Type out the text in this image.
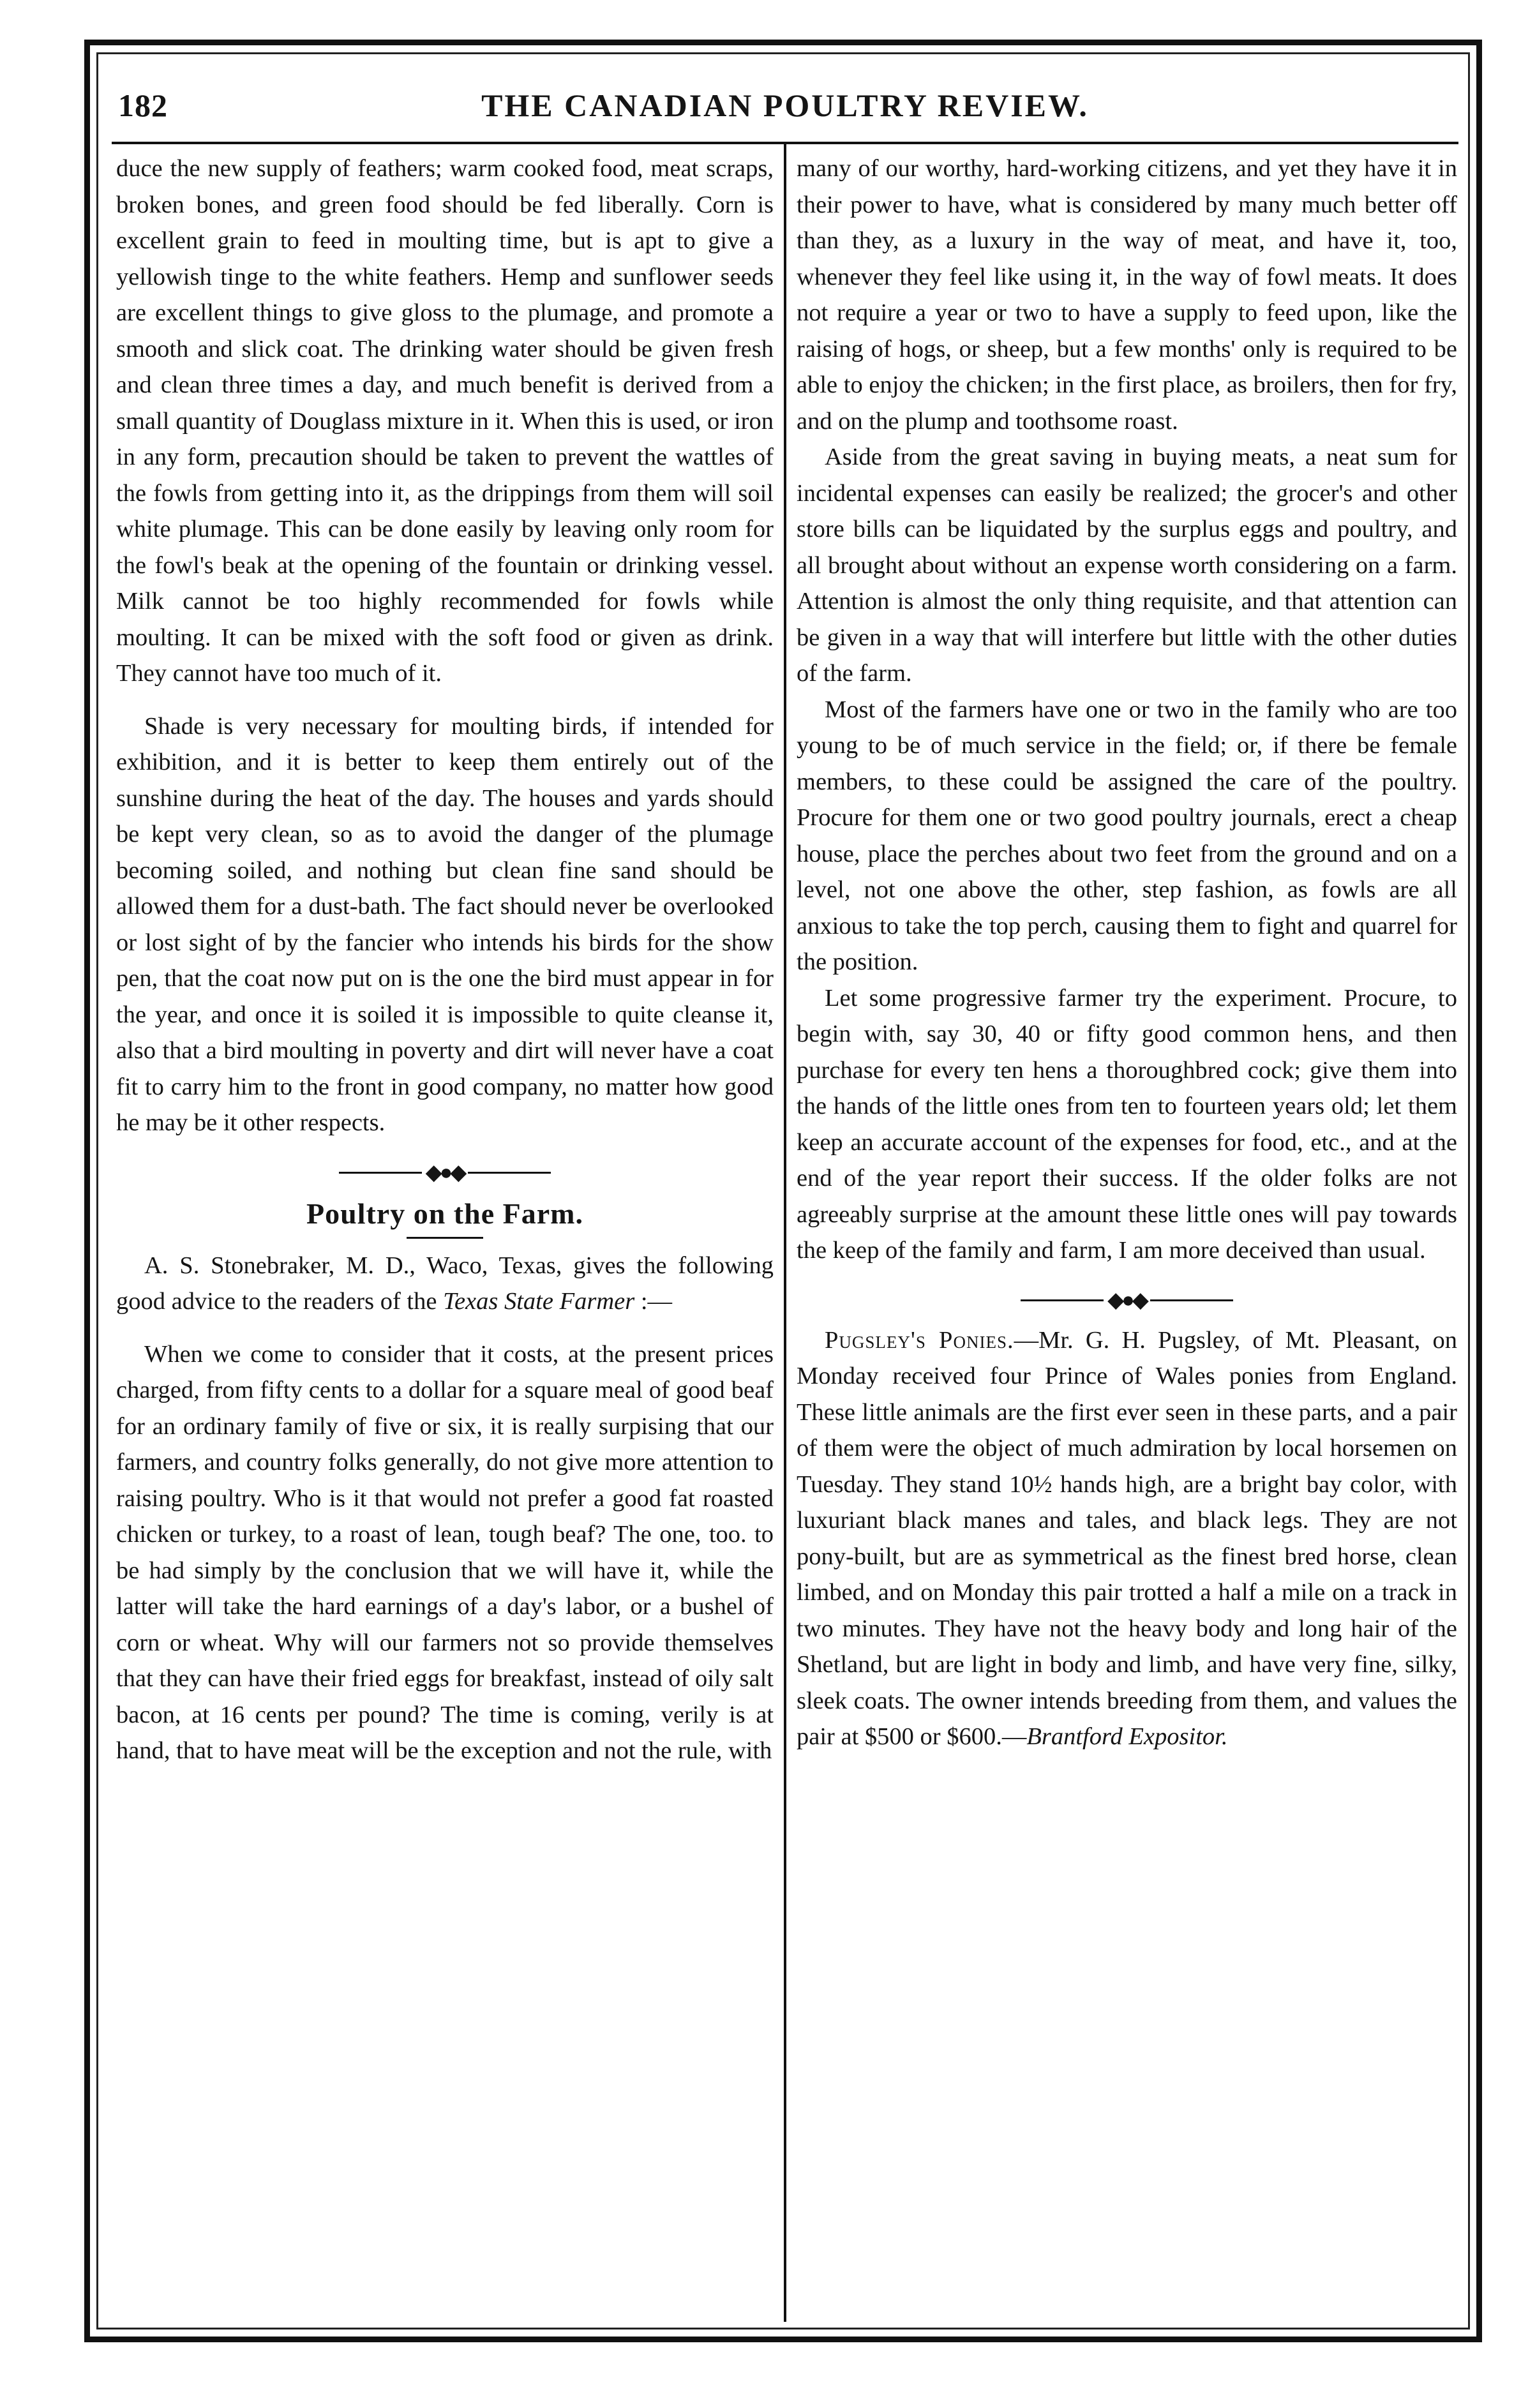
182	THE CANADIAN POULTRY REVIEW.

duce the new supply of feathers; warm cooked food, meat scraps, broken bones, and green food should be fed liberally. Corn is excellent grain to feed in moulting time, but is apt to give a yellowish tinge to the white feathers. Hemp and sunflower seeds are excellent things to give gloss to the plumage, and promote a smooth and slick coat. The drinking water should be given fresh and clean three times a day, and much benefit is derived from a small quantity of Douglass mixture in it. When this is used, or iron in any form, precaution should be taken to prevent the wattles of the fowls from getting into it, as the drippings from them will soil white plumage. This can be done easily by leaving only room for the fowl's beak at the opening of the fountain or drinking vessel. Milk cannot be too highly recommended for fowls while moulting. It can be mixed with the soft food or given as drink. They cannot have too much of it.

Shade is very necessary for moulting birds, if intended for exhibition, and it is better to keep them entirely out of the sunshine during the heat of the day. The houses and yards should be kept very clean, so as to avoid the danger of the plumage becoming soiled, and nothing but clean fine sand should be allowed them for a dust-bath. The fact should never be overlooked or lost sight of by the fancier who intends his birds for the show pen, that the coat now put on is the one the bird must appear in for the year, and once it is soiled it is impossible to quite cleanse it, also that a bird moulting in poverty and dirt will never have a coat fit to carry him to the front in good company, no matter how good he may be it other respects.

◆●◆
Poultry on the Farm.

A. S. Stonebraker, M. D., Waco, Texas, gives the following good advice to the readers of the Texas State Farmer :—

When we come to consider that it costs, at the present prices charged, from fifty cents to a dollar for a square meal of good beaf for an ordinary family of five or six, it is really surpising that our farmers, and country folks generally, do not give more attention to raising poultry. Who is it that would not prefer a good fat roasted chicken or turkey, to a roast of lean, tough beaf? The one, too. to be had simply by the conclusion that we will have it, while the latter will take the hard earnings of a day's labor, or a bushel of corn or wheat. Why will our farmers not so provide themselves that they can have their fried eggs for breakfast, instead of oily salt bacon, at 16 cents per pound? The time is coming, verily is at hand, that to have meat will be the exception and not the rule, with

many of our worthy, hard-working citizens, and yet they have it in their power to have, what is considered by many much better off than they, as a luxury in the way of meat, and have it, too, whenever they feel like using it, in the way of fowl meats. It does not require a year or two to have a supply to feed upon, like the raising of hogs, or sheep, but a few months' only is required to be able to enjoy the chicken; in the first place, as broilers, then for fry, and on the plump and toothsome roast.

Aside from the great saving in buying meats, a neat sum for incidental expenses can easily be realized; the grocer's and other store bills can be liquidated by the surplus eggs and poultry, and all brought about without an expense worth considering on a farm. Attention is almost the only thing requisite, and that attention can be given in a way that will interfere but little with the other duties of the farm.

Most of the farmers have one or two in the family who are too young to be of much service in the field; or, if there be female members, to these could be assigned the care of the poultry. Procure for them one or two good poultry journals, erect a cheap house, place the perches about two feet from the ground and on a level, not one above the other, step fashion, as fowls are all anxious to take the top perch, causing them to fight and quarrel for the position.

Let some progressive farmer try the experiment. Procure, to begin with, say 30, 40 or fifty good common hens, and then purchase for every ten hens a thoroughbred cock; give them into the hands of the little ones from ten to fourteen years old; let them keep an accurate account of the expenses for food, etc., and at the end of the year report their success. If the older folks are not agreeably surprise at the amount these little ones will pay towards the keep of the family and farm, I am more deceived than usual.

◆●◆

Pugsley's Ponies.—Mr. G. H. Pugsley, of Mt. Pleasant, on Monday received four Prince of Wales ponies from England. These little animals are the first ever seen in these parts, and a pair of them were the object of much admiration by local horsemen on Tuesday. They stand 10½ hands high, are a bright bay color, with luxuriant black manes and tales, and black legs. They are not pony-built, but are as symmetrical as the finest bred horse, clean limbed, and on Monday this pair trotted a half a mile on a track in two minutes. They have not the heavy body and long hair of the Shetland, but are light in body and limb, and have very fine, silky, sleek coats. The owner intends breeding from them, and values the pair at $500 or $600.—Brantford Expositor.
